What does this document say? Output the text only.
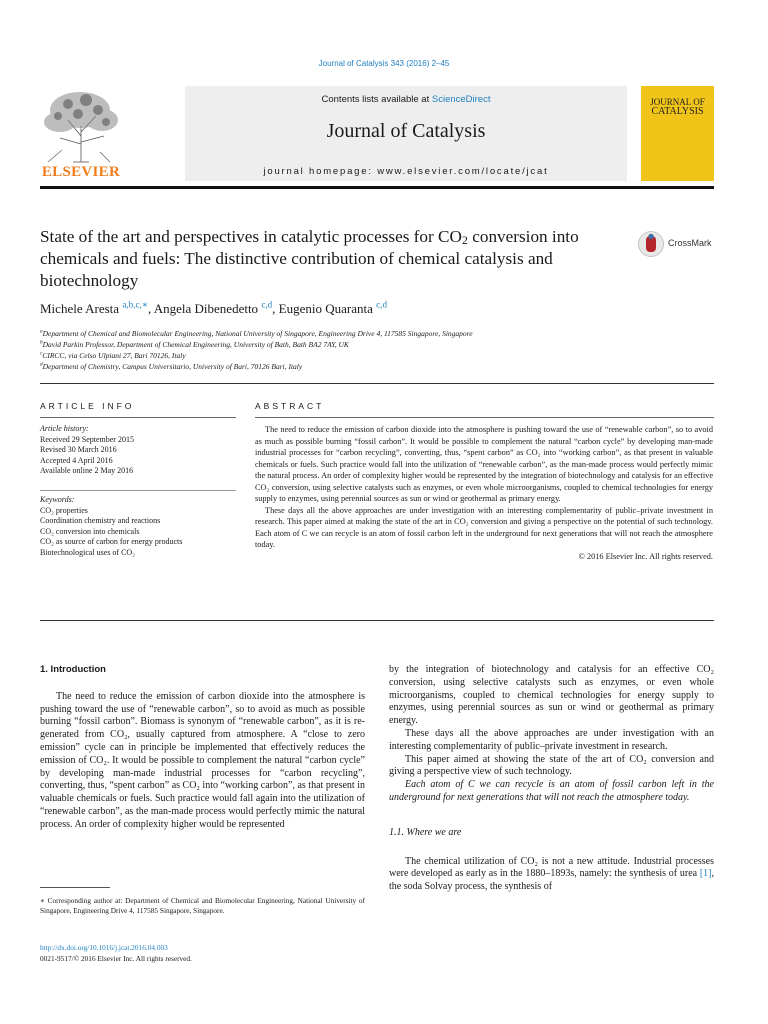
Journal of Catalysis 343 (2016) 2–45
ELSEVIER
Contents lists available at ScienceDirect
Journal of Catalysis
journal homepage: www.elsevier.com/locate/jcat
JOURNAL OF
CATALYSIS
State of the art and perspectives in catalytic processes for $CO_2$ conversion into chemicals and fuels: The distinctive contribution of chemical catalysis and biotechnology
CrossMark
Michele Aresta $^{a,b,c,∗}$, Angela Dibenedetto $^{c,d}$, Eugenio Quaranta $^{c,d}$
$^a$Department of Chemical and Biomolecular Engineering, National University of Singapore, Engineering Drive 4, 117585 Singapore, Singapore
$^b$David Parkin Professor, Department of Chemical Engineering, University of Bath, Bath BA2 7AY, UK
$^c$CIRCC, via Celso Ulpiani 27, Bari 70126, Italy
$^d$Department of Chemistry, Campus Universitario, University of Bari, 70126 Bari, Italy
ARTICLE INFO
Article history:
Received 29 September 2015
Revised 30 March 2016
Accepted 4 April 2016
Available online 2 May 2016
Keywords:
CO₂ properties
Coordination chemistry and reactions
CO₂ conversion into chemicals
CO₂ as source of carbon for energy products
Biotechnological uses of CO₂
ABSTRACT

The need to reduce the emission of carbon dioxide into the atmosphere is pushing toward the use of “renewable carbon”, so to avoid as much as possible burning “fossil carbon”. It would be possible to complement the natural “carbon cycle” by developing man-made industrial processes for “carbon recycling”, converting, thus, “spent carbon” as CO₂ into “working carbon”, as that present in valuable chemicals or fuels. Such practice would fall into the utilization of “renewable carbon”, as the man-made process would perfectly mimic the natural process. An order of complexity higher would be represented by the integration of biotechnology and catalysis for an effective CO₂ conversion, using selective catalysts such as enzymes, or even whole microorganisms, coupled to chemical technologies for energy supply to enzymes, using perennial sources as sun or wind or geothermal as primary energy.

These days all the above approaches are under investigation with an interesting complementarity of public–private investment in research. This paper aimed at making the state of the art in CO₂ conversion and giving a perspective on the potential of such technology. Each atom of C we can recycle is an atom of fossil carbon left in the underground for next generations that will not reach the atmosphere today.

© 2016 Elsevier Inc. All rights reserved.
1. Introduction

The need to reduce the emission of carbon dioxide into the atmosphere is pushing toward the use of “renewable carbon”, so to avoid as much as possible burning “fossil carbon”. Biomass is synonym of “renewable carbon”, as it is re-generated from CO₂, usually captured from atmosphere. A “close to zero emission” cycle can in principle be implemented that effectively reduces the emission of CO₂. It would be possible to complement the natural “carbon cycle” by developing man-made industrial processes for “carbon recycling”, converting, thus, “spent carbon” as CO₂ into “working carbon”, as that present in valuable chemicals or fuels. Such practice would fall again into the utilization of “renewable carbon”, as the man-made process would perfectly mimic the natural process. An order of complexity higher would be represented

∗ Corresponding author at: Department of Chemical and Biomolecular Engineering, National University of Singapore, Engineering Drive 4, 117585 Singapore, Singapore.
http://dx.doi.org/10.1016/j.jcat.2016.04.003
0021-9517/© 2016 Elsevier Inc. All rights reserved.

by the integration of biotechnology and catalysis for an effective CO₂ conversion, using selective catalysts such as enzymes, or even whole microorganisms, coupled to chemical technologies for energy supply to enzymes, using perennial sources as sun or wind or geothermal as primary energy.

These days all the above approaches are under investigation with an interesting complementarity of public–private investment in research.

This paper aimed at showing the state of the art of CO₂ conversion and giving a perspective view of such technology.

Each atom of C we can recycle is an atom of fossil carbon left in the underground for next generations that will not reach the atmosphere today.

1.1. Where we are

The chemical utilization of CO₂ is not a new attitude. Industrial processes were developed as early as in the 1880–1893s, namely: the synthesis of urea [1], the soda Solvay process, the synthesis of
